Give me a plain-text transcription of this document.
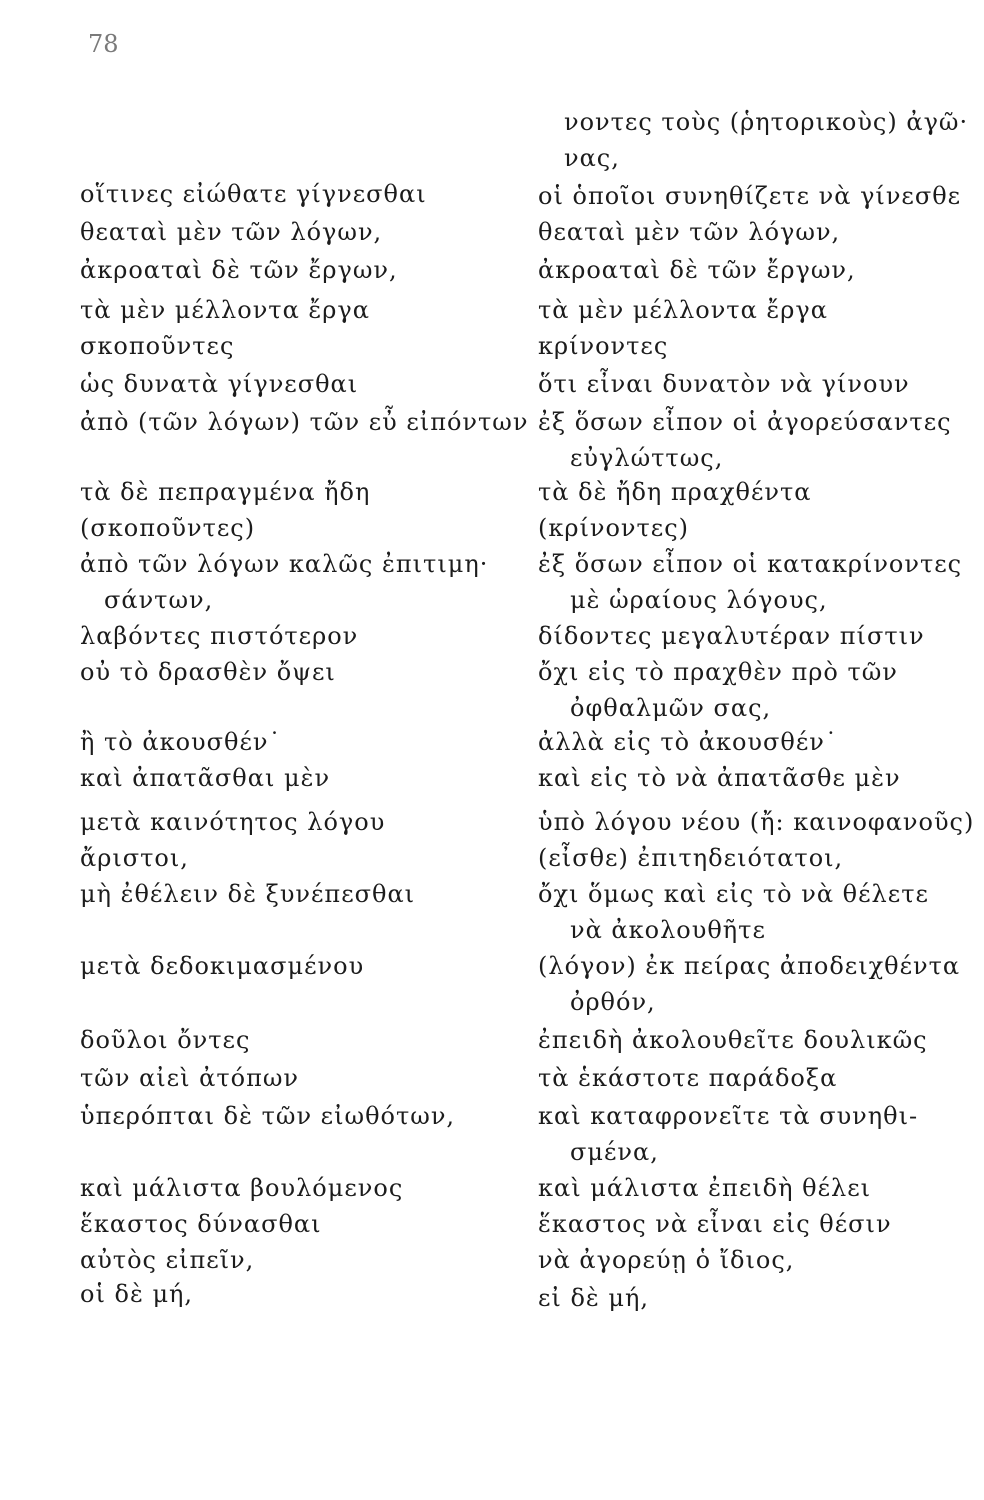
78
οἵτινες εἰώθατε γίγνεσθαι
θεαταὶ μὲν τῶν λόγων,
ἀκροαταὶ δὲ τῶν ἔργων,
τὰ μὲν μέλλοντα ἔργα
σκοποῦντες
ὡς δυνατὰ γίγνεσθαι
ἀπὸ (τῶν λόγων) τῶν εὖ εἰπόντων
τὰ δὲ πεπραγμένα ἤδη
(σκοποῦντες)
ἀπὸ τῶν λόγων καλῶς ἐπιτιμη·
σάντων,
λαβόντες πιστότερον
οὐ τὸ δρασθὲν ὄψει
ἢ τὸ ἀκουσθέν˙
καὶ ἀπατᾶσθαι μὲν
μετὰ καινότητος λόγου
ἄριστοι,
μὴ ἐθέλειν δὲ ξυνέπεσθαι
μετὰ δεδοκιμασμένου
δοῦλοι ὄντες
τῶν αἰεὶ ἀτόπων
ὑπερόπται δὲ τῶν εἰωθότων,
καὶ μάλιστα βουλόμενος
ἕκαστος δύνασθαι
αὐτὸς εἰπεῖν,
οἱ δὲ μή,
νοντες τοὺς (ῥητορικοὺς) ἀγῶ·
νας,
οἱ ὁποῖοι συνηθίζετε νὰ γίνεσθε
θεαταὶ μὲν τῶν λόγων,
ἀκροαταὶ δὲ τῶν ἔργων,
τὰ μὲν μέλλοντα ἔργα
κρίνοντες
ὅτι εἶναι δυνατὸν νὰ γίνουν
ἐξ ὅσων εἶπον οἱ ἀγορεύσαντες
εὐγλώττως,
τὰ δὲ ἤδη πραχθέντα
(κρίνοντες)
ἐξ ὅσων εἶπον οἱ κατακρίνοντες
μὲ ὡραίους λόγους,
δίδοντες μεγαλυτέραν πίστιν
ὄχι εἰς τὸ πραχθὲν πρὸ τῶν
ὀφθαλμῶν σας,
ἀλλὰ εἰς τὸ ἀκουσθέν˙
καὶ εἰς τὸ νὰ ἀπατᾶσθε μὲν
ὑπὸ λόγου νέου (ἤ: καινοφανοῦς)
(εἶσθε) ἐπιτηδειότατοι,
ὄχι ὅμως καὶ εἰς τὸ νὰ θέλετε
νὰ ἀκολουθῆτε
(λόγον) ἐκ πείρας ἀποδειχθέντα
ὀρθόν,
ἐπειδὴ ἀκολουθεῖτε δουλικῶς
τὰ ἑκάστοτε παράδοξα
καὶ καταφρονεῖτε τὰ συνηθι-
σμένα,
καὶ μάλιστα ἐπειδὴ θέλει
ἕκαστος νὰ εἶναι εἰς θέσιν
νὰ ἀγορεύῃ ὁ ἴδιος,
εἰ δὲ μή,
